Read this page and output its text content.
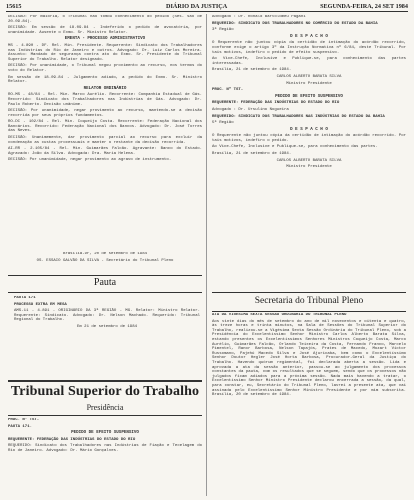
15615	DIÁRIO DA JUSTIÇA	SEGUNDA-FEIRA, 24 SET 1984

DECISÃO: Por maioria, o Tribunal não tomou conhecimento do pedido (Ses- são de 20.09.84).

DECISÃO: Em sessão de 18.09.84 - Indeferido o pedido de avocatória, por unanimidade. Ausente o Exmo. Sr. Ministro Relator.

EMENTA - PROCESSO ADMINISTRATIVO

MS - 4.890 - DF. Rel. Min. Presidente. Requerente: Sindicato dos Trabalhadores nas Indústrias do Rio de Janeiro e outros. Advogado: Dr. Luiz Carlos Moreira. Assunto: Mandado de segurança contra ato do Exmo. Sr. Presidente do Tribunal Superior do Trabalho. Relator designado.

DECISÃO: Por unanimidade, o Tribunal negou provimento ao recurso, nos termos do voto do Relator.

Em sessão de 18.09.84 - Julgamento adiado, a pedido do Exmo. Sr. Ministro Relator.

RELATOR ORDINÁRIO

RO-MS - 48/84 - Rel. Min. Marco Aurélio. Recorrente: Companhia Estadual de Gás. Recorrido: Sindicato dos Trabalhadores nas Indústrias de Gás. Advogado: Dr. Paulo Roberto. Decisão unânime.

DECISÃO: Por unanimidade, negar provimento ao recurso, mantendo-se a decisão recorrida por seus próprios fundamentos.

RO-DC - 102/84 - Rel. Min. Coqueijo Costa. Recorrente: Federação Nacional dos Bancários. Recorrido: Federação Nacional dos Bancos. Advogado: Dr. José Torres das Neves.

DECISÃO: Unanimemente, dar provimento parcial ao recurso para excluir da condenação as custas processuais e manter o restante da decisão recorrida.

AI-RR - 2.105/84 - Rel. Min. Guimarães Falcão. Agravante: Banco do Estado. Agravado: João da Silva. Advogada: Dra. Maria Helena.

DECISÃO: Por unanimidade, negar provimento ao agravo de instrumento.

Brasília-DF, 20 de setembro de 1984

OS. ESSAIO GALVÃO DA SILVA - Secretário do Tribunal Pleno

Pauta

PAUTA 171

PROCESSO EXTRA EM MESA

AMS-11 - 4.891 - ORIGINÁRIO DA 3ª REGIÃO - MG. Relator: Ministro Relator. Requerente: Sindicato. Advogado: Dr. Nelson Machado. Requerido: Tribunal Regional do Trabalho.

Em 21 de setembro de 1984

Tribunal Superior do Trabalho
Presidência

PROC. Nº TST-

PAUTA 171.

PEDIDO DE EFEITO SUSPENSIVO

REQUERENTE: FEDERAÇÃO DAS INDÚSTRIAS DO ESTADO DO RIO

REQUERIDO: Sindicato dos Trabalhadores nas Indústrias de Fiação e Tecelagem do Rio de Janeiro. Advogado: Dr. Mário Gonçalves.

Advogado : Dr. Ronald Bartolomeu Pagani

REQUERIDO: SINDICATO DOS TRABALHADORES NO COMÉRCIO DO ESTADO DA BAHIA

3ª Região

D E S P A C H O

O Requerente não juntou cópia da certidão de intimação do acórdão recorrido, conforme exige o artigo 3º da Instrução Normativa nº 6/84, deste Tribunal. Por tais motivos, indefiro o pedido de efeito suspensivo.

Ao Vice-Chefe, Inclusive e Publique-se, para conhecimento das partes interessadas.

Brasília, 21 de setembro de 1984.

CARLOS ALBERTO BARATA SILVA

Ministro Presidente

PROC. Nº TST-

PEDIDO DE EFEITO SUSPENSIVO

REQUERENTE: FEDERAÇÃO DAS INDÚSTRIAS DO ESTADO DO RIO

Advogado : Dr. Ursulino Nogueira

REQUERIDO: SINDICATO DOS TRABALHADORES NAS INDÚSTRIAS DO ESTADO DA BAHIA

5ª Região

D E S P A C H O

O Requerente não juntou cópia da certidão de intimação do acórdão recorrido. Por tais motivos, indefiro o pedido.

Ao Vice-Chefe, Inclusive e Publique-se, para conhecimento das partes.

Brasília, 21 de setembro de 1984.

CARLOS ALBERTO BARATA SILVA

Ministro Presidente

Secretaria do Tribunal Pleno

ATA DA VIGÉSIMA SEXTA SESSÃO ORDINÁRIA DO TRIBUNAL PLENO

Aos vinte dias do mês de setembro do ano de mil novecentos e oitenta e quatro, às treze horas e trinta minutos, na Sala de Sessões do Tribunal Superior do Trabalho, realizou-se a Vigésima Sexta Sessão Ordinária do Tribunal Pleno, sob a Presidência do Excelentíssimo Senhor Ministro Carlos Alberto Barata Silva, estando presentes os Excelentíssimos Senhores Ministros Coqueijo Costa, Marco Aurélio, Guimarães Falcão, Orlando Teixeira da Costa, Fernando Franco, Marcelo Pimentel, Ranor Barbosa, Nelson Tapajós, Prates de Macedo, Mozart Victor Russomano, Pajehú Macedo Silva e José Ajuricaba, bem como o Excelentíssimo Senhor Doutor Hegler José Horta Barbosa, Procurador-Geral da Justiça do Trabalho. Havendo quórum regimental, foi declarada aberta a sessão. Lida e aprovada a ata da sessão anterior, passou-se ao julgamento dos processos constantes da pauta, com os resultados que se seguem, sendo que os processos não julgados ficam adiados para a próxima sessão. Nada mais havendo a tratar, o Excelentíssimo Senhor Ministro Presidente declarou encerrada a sessão, da qual, para constar, eu, Secretário do Tribunal Pleno, lavrei a presente ata, que vai assinada pelo Excelentíssimo Senhor Ministro Presidente e por mim subscrita. Brasília, 20 de setembro de 1984.
